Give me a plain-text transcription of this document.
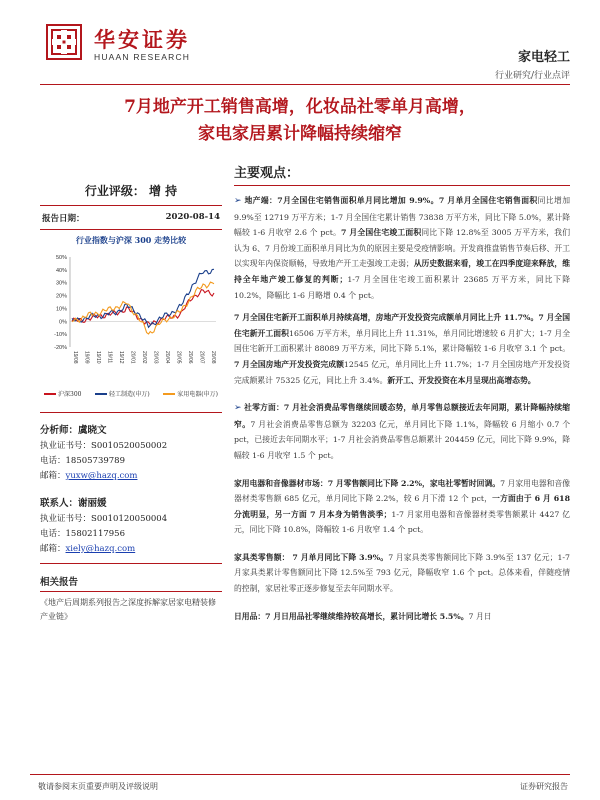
华安证券
HUAAN RESEARCH	家电轻工
行业研究/行业点评
7月地产开工销售高增，化妆品社零单月高增，
家电家居累计降幅持续缩窄
行业评级： 增 持
报告日期：	2020-08-14
行业指数与沪深 300 走势比较
50%
40%
30%
20%
10%
0%
-10%
-20%
19/08 19/09 19/10 19/11 19/12 20/01 20/02 20/03 20/04 20/05 20/06 20/07 20/08
沪深300	轻工制造(申万)	家用电器(申万)
分析师：虞晓文
执业证书号：S0010520050002
电话：18505739789
邮箱：yuxw@hazq.com
联系人：谢丽媛
执业证书号：S0010120050004
电话：15802117956
邮箱：xiely@hazq.com
相关报告
《地产后周期系列报告之深度拆解家居家电精装修产业链》
主要观点：

➢ 地产端：7月全国住宅销售面积单月同比增加 9.9%。7 月单月全国住宅销售面积同比增加 9.9%至 12719 万平方米；1-7 月全国住宅累计销售 73838 万平方米，同比下降 5.0%，累计降幅较 1-6 月收窄 2.6 个 pct。7 月全国住宅竣工面积同比下降 12.8%至 3005 万平方米，我们认为 6、7 月份竣工面积单月同比为负的原因主要是受疫情影响。开发商推盘销售节奏后移、开工以实现年内保资顺畅，导致地产开工走强竣工走弱；从历史数据来看，竣工在四季度迎来释放，维持全年地产竣工修复的判断；1-7 月全国住宅竣工面积累计 23685 万平方米，同比下降 10.2%，降幅比 1-6 月略增 0.4 个 pct。

7 月全国住宅新开工面积单月持续高增，房地产开发投资完成额单月同比上升 11.7%。7 月全国住宅新开工面积16506 万平方米，单月同比上升 11.31%，单月同比增速较 6 月扩大；1-7 月全国住宅新开工面积累计 88089 万平方米，同比下降 5.1%，累计降幅较 1-6 月收窄 3.1 个 pct。7 月全国房地产开发投资完成额12545 亿元，单月同比上升 11.7%；1-7 月全国房地产开发投资完成额累计 75325 亿元，同比上升 3.4%。新开工、开发投资在本月呈现出高增态势。

➢ 社零方面：7 月社会消费品零售继续回暖态势，单月零售总额接近去年同期，累计降幅持续缩窄。7 月社会消费品零售总额为 32203 亿元，单月同比下降 1.1%，降幅较 6 月缩小 0.7 个 pct，已接近去年同期水平；1-7 月社会消费品零售总额累计 204459 亿元，同比下降 9.9%，降幅较 1-6 月收窄 1.5 个 pct。

家用电器和音像器材市场：7 月零售额同比下降 2.2%，家电社零暂时回调。7 月家用电器和音像器材类零售额 685 亿元，单月同比下降 2.2%，较 6 月下滑 12 个 pct，一方面由于 6 月 618 分流明显，另一方面 7 月本身为销售淡季；1-7 月家用电器和音像器材类零售额累计 4427 亿元，同比下降 10.8%，降幅较 1-6 月收窄 1.4 个 pct。

家具类零售额： 7 月单月同比下降 3.9%。7 月家具类零售额同比下降 3.9%至 137 亿元；1-7 月家具类累计零售额同比下降 12.5%至 793 亿元，降幅收窄 1.6 个 pct。总体来看，伴随疫情的控制，家居社零正逐步修复至去年同期水平。

日用品：7 月日用品社零继续维持较高增长，累计同比增长 5.5%。7 月日

敬请参阅末页重要声明及评级说明	证券研究报告
